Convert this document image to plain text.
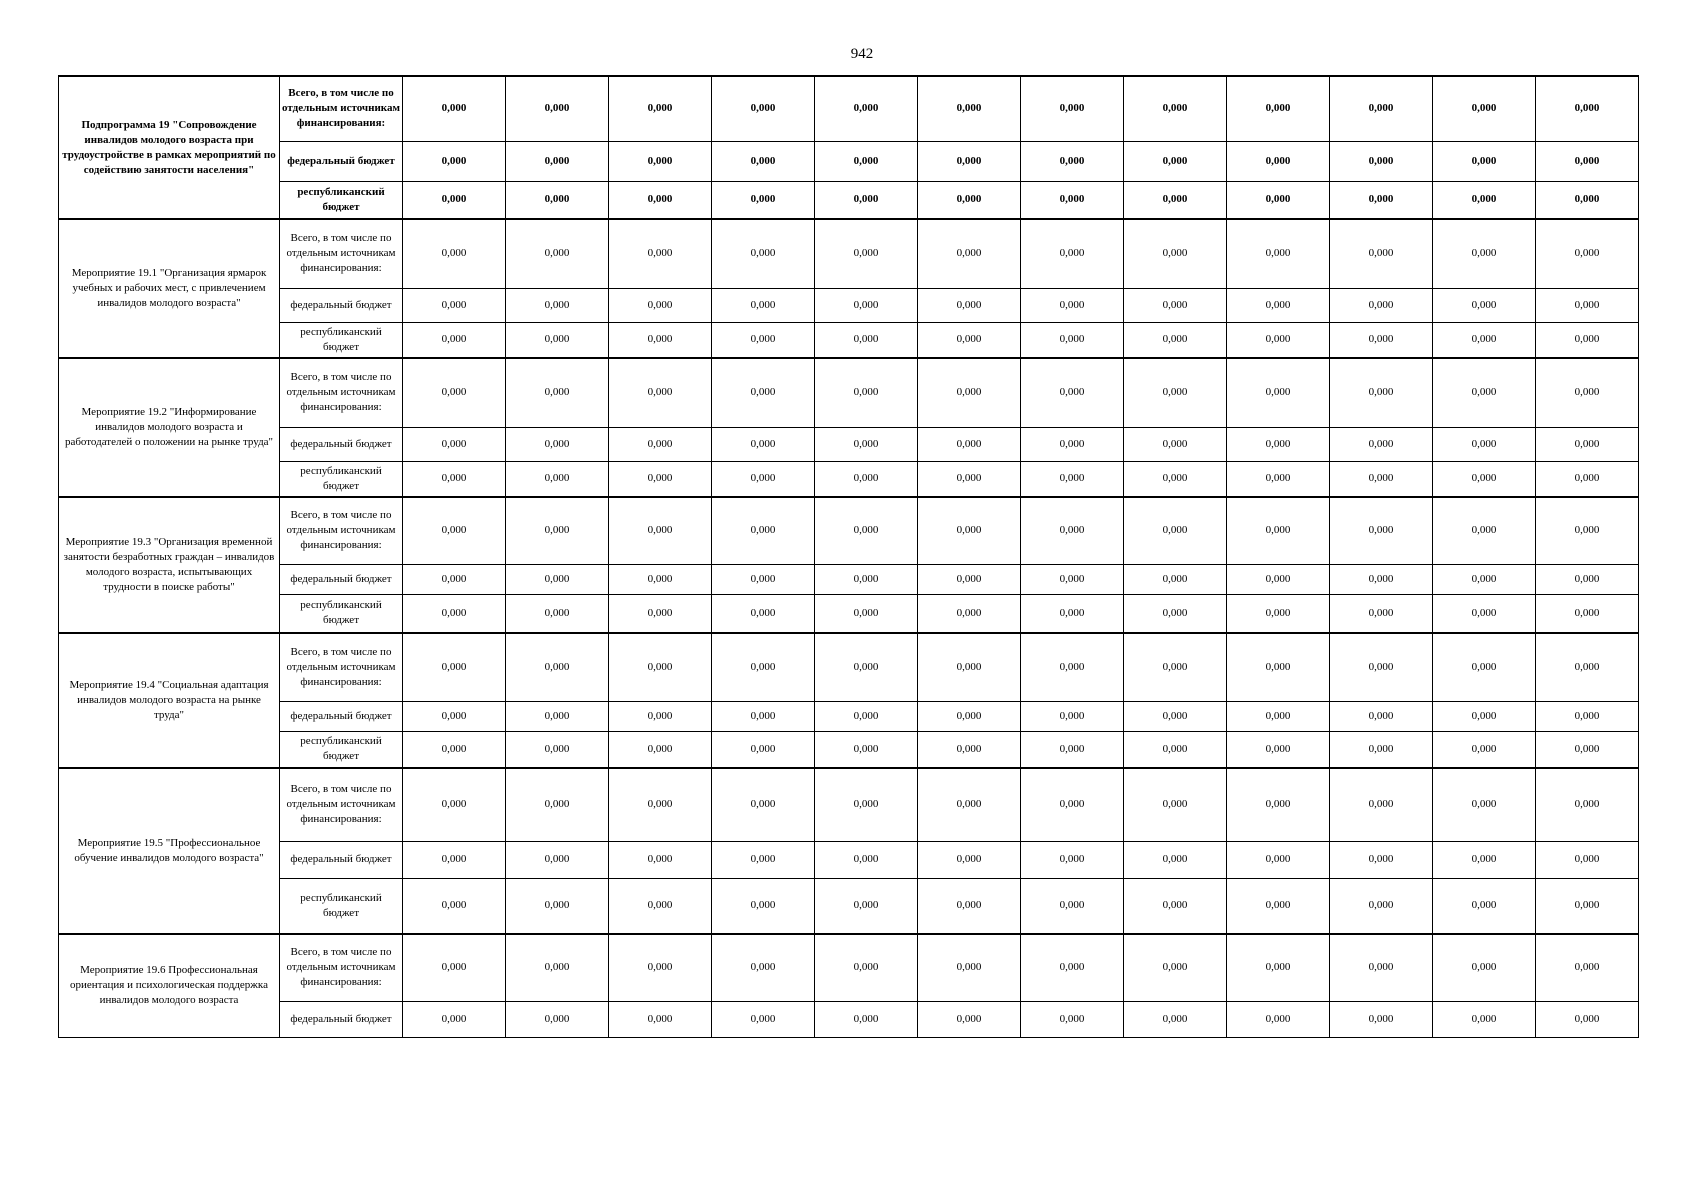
942
Подпрограмма 19 "Сопровождение инвалидов молодого возраста при трудоустройстве в рамках мероприятий по содействию занятости населения"	Всего, в том числе по отдельным источникам финансирования:	0,000	0,000	0,000	0,000	0,000	0,000	0,000	0,000	0,000	0,000	0,000	0,000
	федеральный бюджет	0,000	0,000	0,000	0,000	0,000	0,000	0,000	0,000	0,000	0,000	0,000	0,000
	республиканский бюджет	0,000	0,000	0,000	0,000	0,000	0,000	0,000	0,000	0,000	0,000	0,000	0,000
Мероприятие 19.1 "Организация ярмарок учебных и рабочих мест, с привлечением инвалидов молодого возраста"	Всего, в том числе по отдельным источникам финансирования:	0,000	0,000	0,000	0,000	0,000	0,000	0,000	0,000	0,000	0,000	0,000	0,000
	федеральный бюджет	0,000	0,000	0,000	0,000	0,000	0,000	0,000	0,000	0,000	0,000	0,000	0,000
	республиканский бюджет	0,000	0,000	0,000	0,000	0,000	0,000	0,000	0,000	0,000	0,000	0,000	0,000
Мероприятие 19.2 "Информирование инвалидов молодого возраста и работодателей о положении на рынке труда"	Всего, в том числе по отдельным источникам финансирования:	0,000	0,000	0,000	0,000	0,000	0,000	0,000	0,000	0,000	0,000	0,000	0,000
	федеральный бюджет	0,000	0,000	0,000	0,000	0,000	0,000	0,000	0,000	0,000	0,000	0,000	0,000
	республиканский бюджет	0,000	0,000	0,000	0,000	0,000	0,000	0,000	0,000	0,000	0,000	0,000	0,000
Мероприятие 19.3 "Организация временной занятости безработных граждан – инвалидов молодого возраста, испытывающих трудности в поиске работы"	Всего, в том числе по отдельным источникам финансирования:	0,000	0,000	0,000	0,000	0,000	0,000	0,000	0,000	0,000	0,000	0,000	0,000
	федеральный бюджет	0,000	0,000	0,000	0,000	0,000	0,000	0,000	0,000	0,000	0,000	0,000	0,000
	республиканский бюджет	0,000	0,000	0,000	0,000	0,000	0,000	0,000	0,000	0,000	0,000	0,000	0,000
Мероприятие 19.4 "Социальная адаптация инвалидов молодого возраста на рынке труда"	Всего, в том числе по отдельным источникам финансирования:	0,000	0,000	0,000	0,000	0,000	0,000	0,000	0,000	0,000	0,000	0,000	0,000
	федеральный бюджет	0,000	0,000	0,000	0,000	0,000	0,000	0,000	0,000	0,000	0,000	0,000	0,000
	республиканский бюджет	0,000	0,000	0,000	0,000	0,000	0,000	0,000	0,000	0,000	0,000	0,000	0,000
Мероприятие 19.5 "Профессиональное обучение инвалидов молодого возраста"	Всего, в том числе по отдельным источникам финансирования:	0,000	0,000	0,000	0,000	0,000	0,000	0,000	0,000	0,000	0,000	0,000	0,000
	федеральный бюджет	0,000	0,000	0,000	0,000	0,000	0,000	0,000	0,000	0,000	0,000	0,000	0,000
	республиканский бюджет	0,000	0,000	0,000	0,000	0,000	0,000	0,000	0,000	0,000	0,000	0,000	0,000
Мероприятие 19.6 Профессиональная ориентация и психологическая поддержка инвалидов молодого возраста	Всего, в том числе по отдельным источникам финансирования:	0,000	0,000	0,000	0,000	0,000	0,000	0,000	0,000	0,000	0,000	0,000	0,000
	федеральный бюджет	0,000	0,000	0,000	0,000	0,000	0,000	0,000	0,000	0,000	0,000	0,000	0,000
